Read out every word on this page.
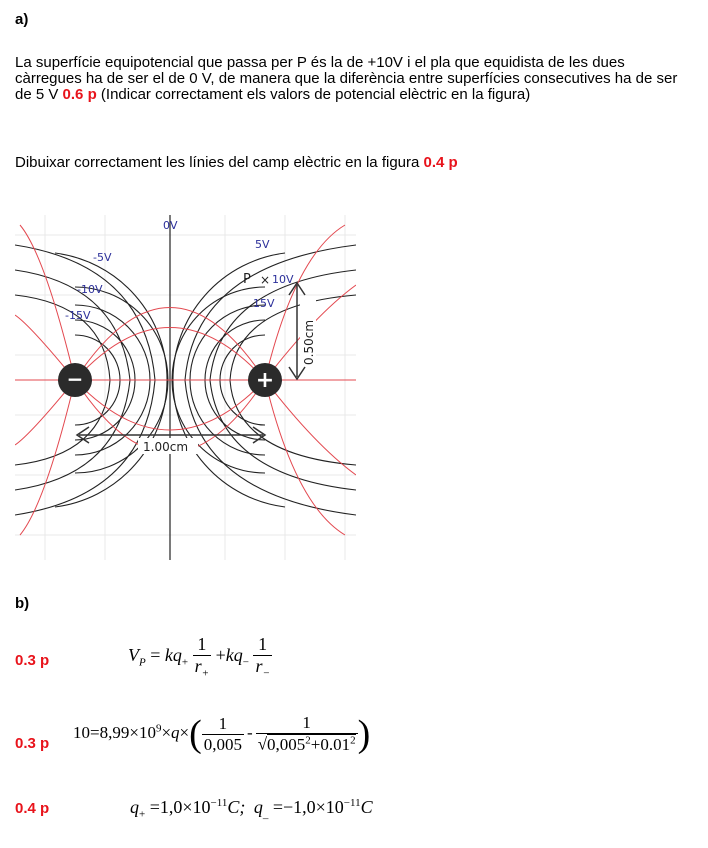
a)
La superfície equipotencial que passa per P és la de +10V i el pla que equidista de les dues càrregues ha de ser el de 0 V, de manera que la diferència entre superfícies consecutives ha de ser de 5 V 0.6 p (Indicar correctament els valors de potencial elèctric en la figura)
Dibuixar correctament les línies del camp elèctric en la figura 0.4 p
0V
-5V
-10V
-15V
5V
10V
15V
P ×
−	+
1.00cm
0.50cm
b)
0.3 p	$V_P = kq_+ \frac{1}{r_+} +kq_- \frac{1}{r_-}$
0.3 p
$10=8,99\times 10^9\times q\times( \frac{1}{0,005} - \frac{1}{√0,005^2+0.01^2}$ )
0.4 p	$q_+ =1,0\times 10^{-11}C$; $q_{\_} =-1,0\times 10^{-11}C$
